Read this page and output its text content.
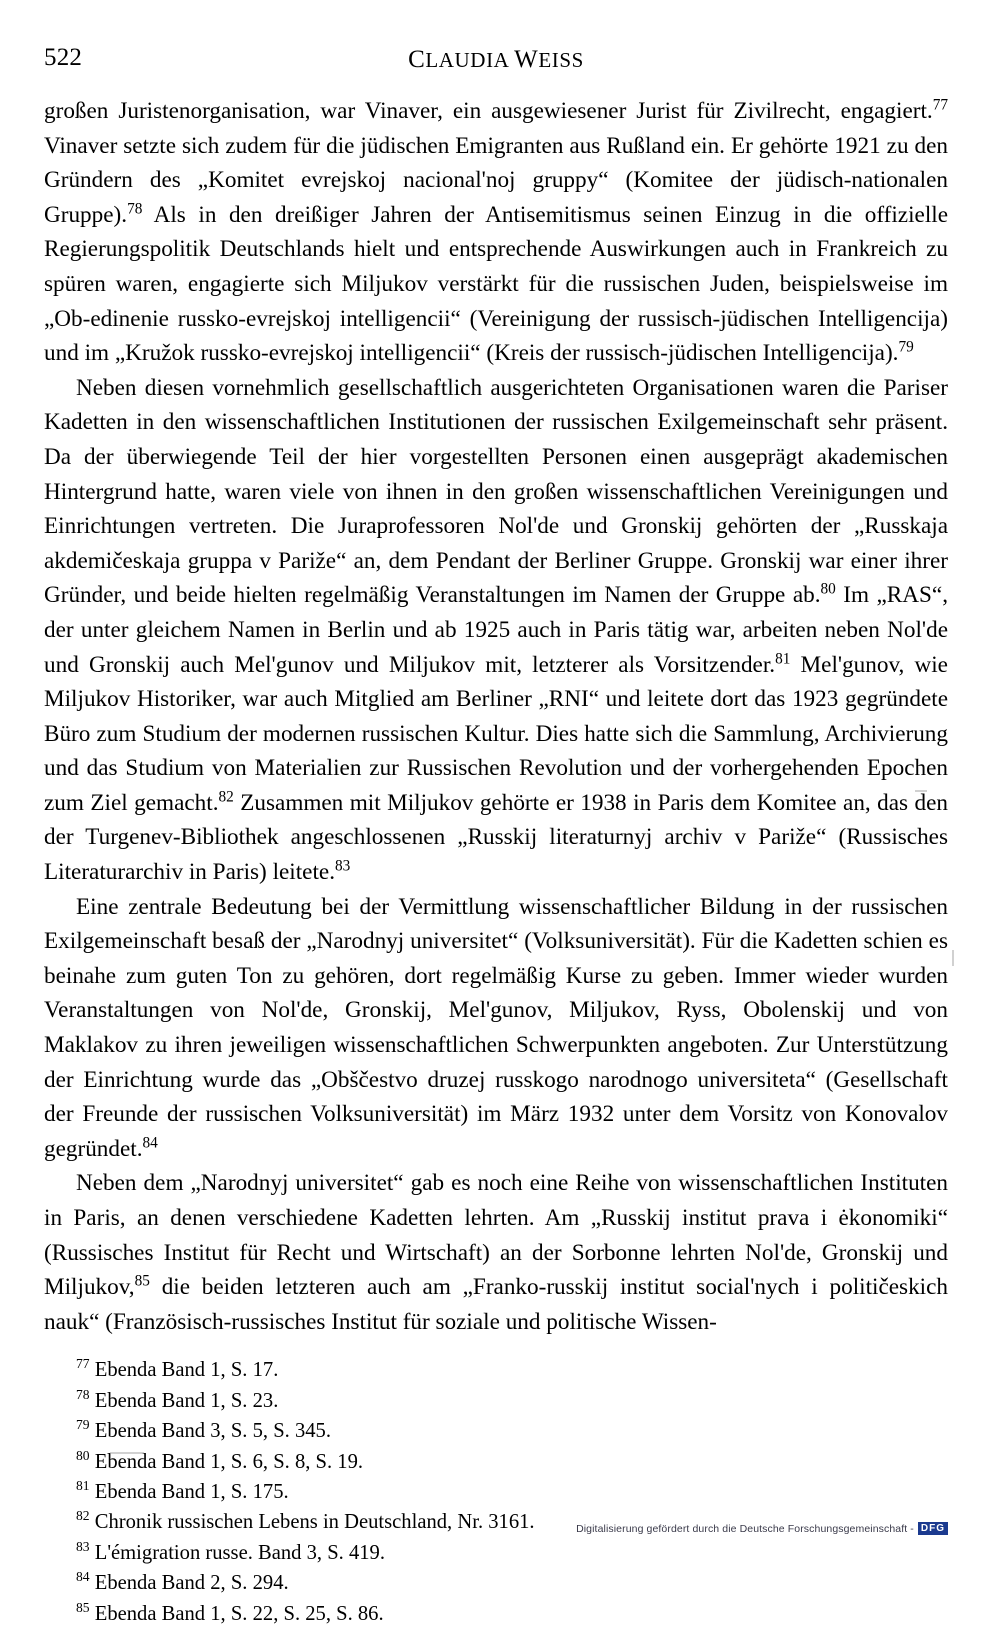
522	CLAUDIA WEISS

großen Juristenorganisation, war Vinaver, ein ausgewiesener Jurist für Zivilrecht, engagiert.$^{77}$ Vinaver setzte sich zudem für die jüdischen Emigranten aus Rußland ein. Er gehörte 1921 zu den Gründern des „Komitet evrejskoj nacional'noj gruppy“ (Komitee der jüdisch-nationalen Gruppe).$^{78}$ Als in den dreißiger Jahren der Antisemitismus seinen Einzug in die offizielle Regierungspolitik Deutschlands hielt und entsprechende Auswirkungen auch in Frankreich zu spüren waren, engagierte sich Miljukov verstärkt für die russischen Juden, beispielsweise im „Ob-edinenie russko-evrejskoj intelligencii“ (Vereinigung der russisch-jüdischen Intelligencija) und im „Kružok russko-evrejskoj intelligencii“ (Kreis der russisch-jüdischen Intelligencija).$^{79}$

Neben diesen vornehmlich gesellschaftlich ausgerichteten Organisationen waren die Pariser Kadetten in den wissenschaftlichen Institutionen der russischen Exilgemeinschaft sehr präsent. Da der überwiegende Teil der hier vorgestellten Personen einen ausgeprägt akademischen Hintergrund hatte, waren viele von ihnen in den großen wissenschaftlichen Vereinigungen und Einrichtungen vertreten. Die Juraprofessoren Nol'de und Gronskij gehörten der „Russkaja akdemičeskaja gruppa v Pariže“ an, dem Pendant der Berliner Gruppe. Gronskij war einer ihrer Gründer, und beide hielten regelmäßig Veranstaltungen im Namen der Gruppe ab.$^{80}$ Im „RAS“, der unter gleichem Namen in Berlin und ab 1925 auch in Paris tätig war, arbeiten neben Nol'de und Gronskij auch Mel'gunov und Miljukov mit, letzterer als Vorsitzender.$^{81}$ Mel'gunov, wie Miljukov Historiker, war auch Mitglied am Berliner „RNI“ und leitete dort das 1923 gegründete Büro zum Studium der modernen russischen Kultur. Dies hatte sich die Sammlung, Archivierung und das Studium von Materialien zur Russischen Revolution und der vorhergehenden Epochen zum Ziel gemacht.$^{82}$ Zusammen mit Miljukov gehörte er 1938 in Paris dem Komitee an, das den der Turgenev-Bibliothek angeschlossenen „Russkij literaturnyj archiv v Pariže“ (Russisches Literaturarchiv in Paris) leitete.$^{83}$

Eine zentrale Bedeutung bei der Vermittlung wissenschaftlicher Bildung in der russischen Exilgemeinschaft besaß der „Narodnyj universitet“ (Volksuniversität). Für die Kadetten schien es beinahe zum guten Ton zu gehören, dort regelmäßig Kurse zu geben. Immer wieder wurden Veranstaltungen von Nol'de, Gronskij, Mel'gunov, Miljukov, Ryss, Obolenskij und von Maklakov zu ihren jeweiligen wissenschaftlichen Schwerpunkten angeboten. Zur Unterstützung der Einrichtung wurde das „Obščestvo druzej russkogo narodnogo universiteta“ (Gesellschaft der Freunde der russischen Volksuniversität) im März 1932 unter dem Vorsitz von Konovalov gegründet.$^{84}$

Neben dem „Narodnyj universitet“ gab es noch eine Reihe von wissenschaftlichen Instituten in Paris, an denen verschiedene Kadetten lehrten. Am „Russkij institut prava i ėkonomiki“ (Russisches Institut für Recht und Wirtschaft) an der Sorbonne lehrten Nol'de, Gronskij und Miljukov,$^{85}$ die beiden letzteren auch am „Franko-russkij institut social'nych i političeskich nauk“ (Französisch-russisches Institut für soziale und politische Wissen-

$^{77}$ Ebenda Band 1, S. 17.
$^{78}$ Ebenda Band 1, S. 23.
$^{79}$ Ebenda Band 3, S. 5, S. 345.
$^{80}$ Ebenda Band 1, S. 6, S. 8, S. 19.
$^{81}$ Ebenda Band 1, S. 175.
$^{82}$ Chronik russischen Lebens in Deutschland, Nr. 3161.
$^{83}$ L'émigration russe. Band 3, S. 419.
$^{84}$ Ebenda Band 2, S. 294.
$^{85}$ Ebenda Band 1, S. 22, S. 25, S. 86.
Digitalisierung gefördert durch die Deutsche Forschungsgemeinschaft - DFG
